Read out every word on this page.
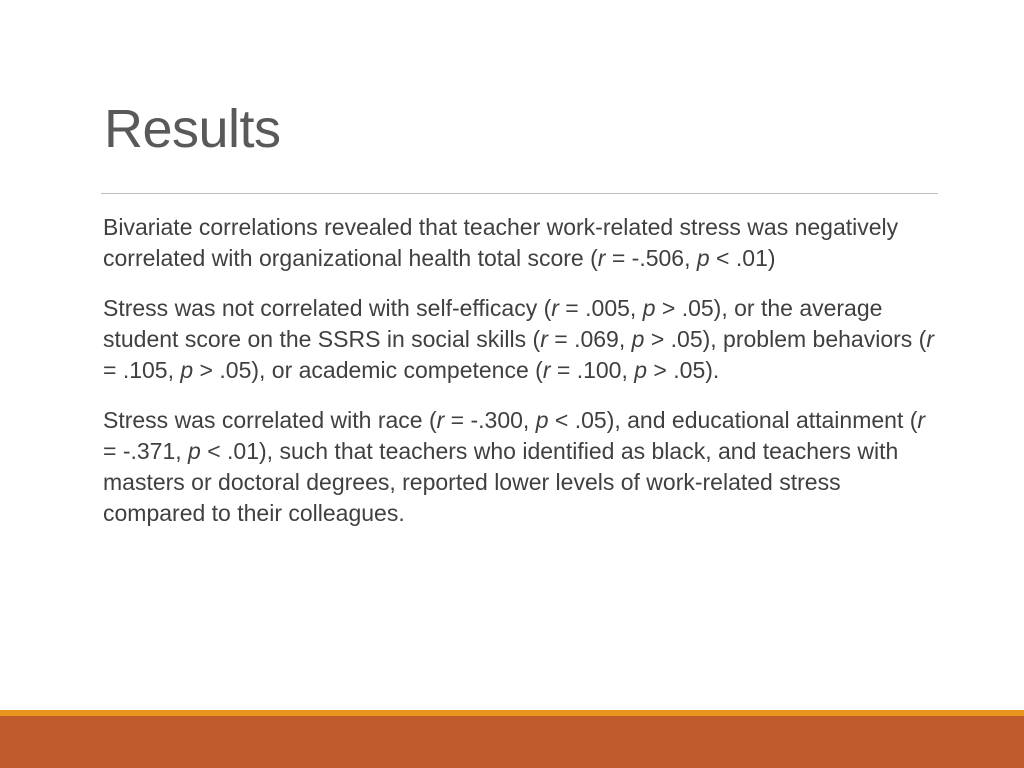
Results

Bivariate correlations revealed that teacher work-related stress was negatively correlated with organizational health total score (r = -.506, p < .01)

Stress was not correlated with self-efficacy (r = .005, p > .05), or the average student score on the SSRS in social skills (r = .069, p > .05), problem behaviors (r = .105, p > .05), or academic competence (r = .100, p > .05).

Stress was correlated with race (r = -.300, p < .05), and educational attainment (r = -.371, p < .01), such that teachers who identified as black, and teachers with masters or doctoral degrees, reported lower levels of work-related stress compared to their colleagues.
